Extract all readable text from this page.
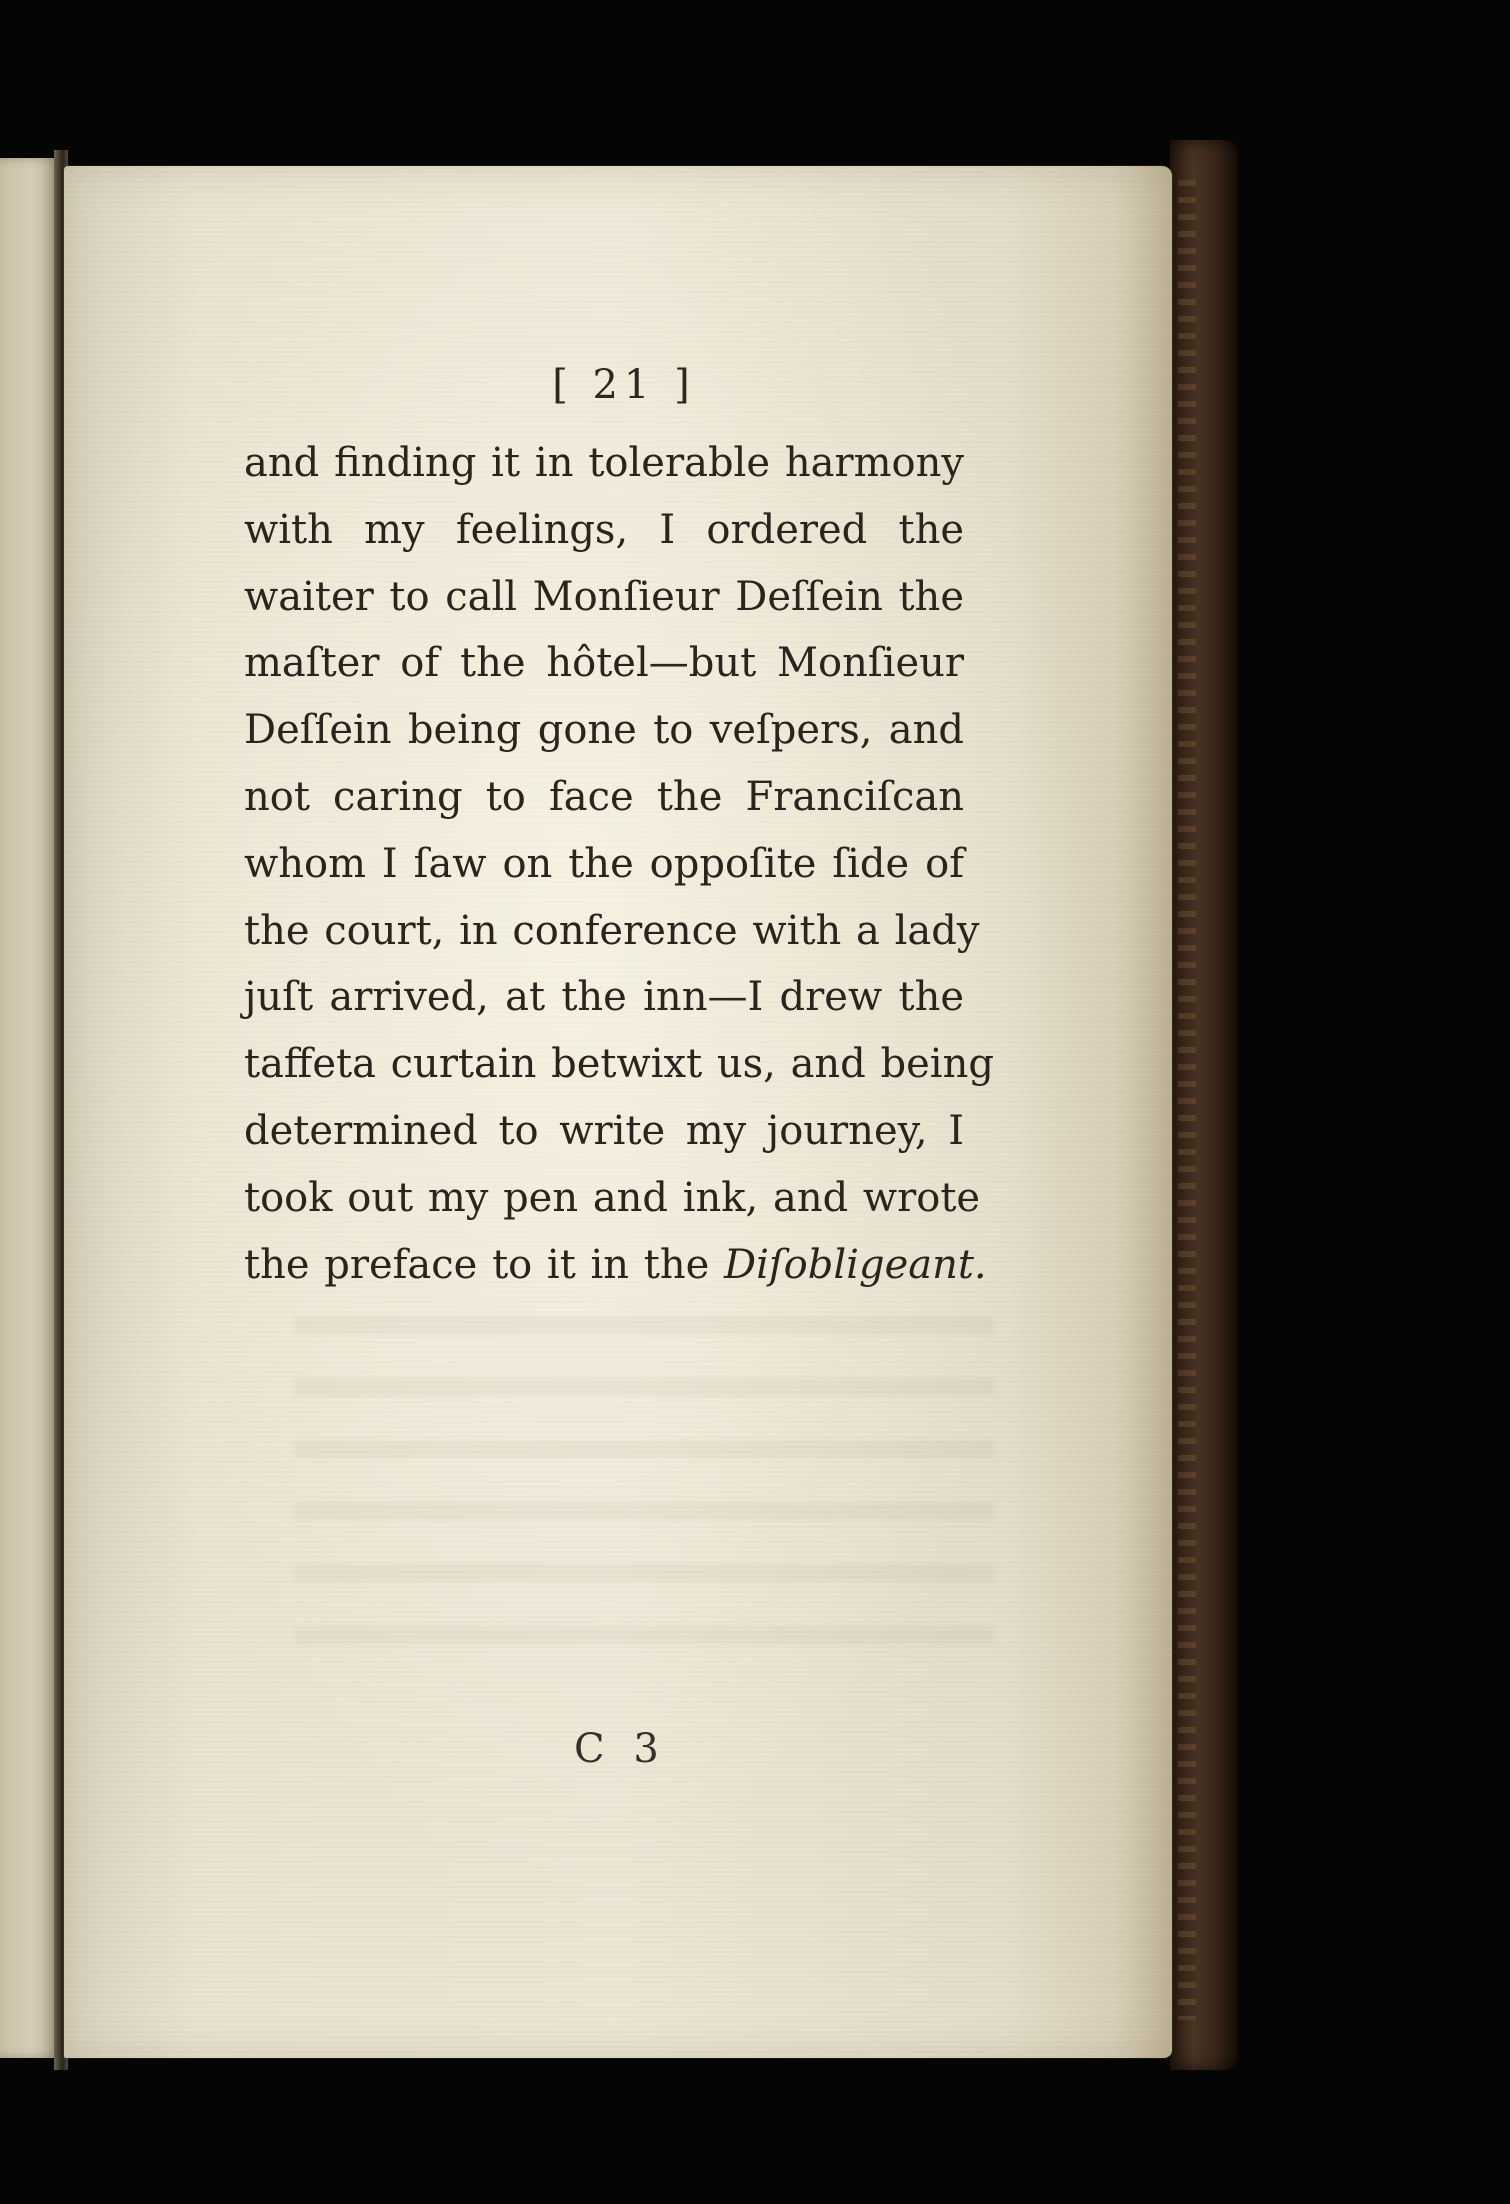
[ 21 ]
and finding it in tolerable harmony
with my feelings, I ordered the
waiter to call Monſieur Deſſein the
maſter of the hôtel—but Monſieur
Deſſein being gone to veſpers, and
not caring to face the Franciſcan
whom I ſaw on the oppoſite ſide of
the court, in conference with a lady
juſt arrived, at the inn—I drew the
taffeta curtain betwixt us, and being
determined to write my journey, I
took out my pen and ink, and wrote
the preface to it in the Diſobligeant.
C 3
